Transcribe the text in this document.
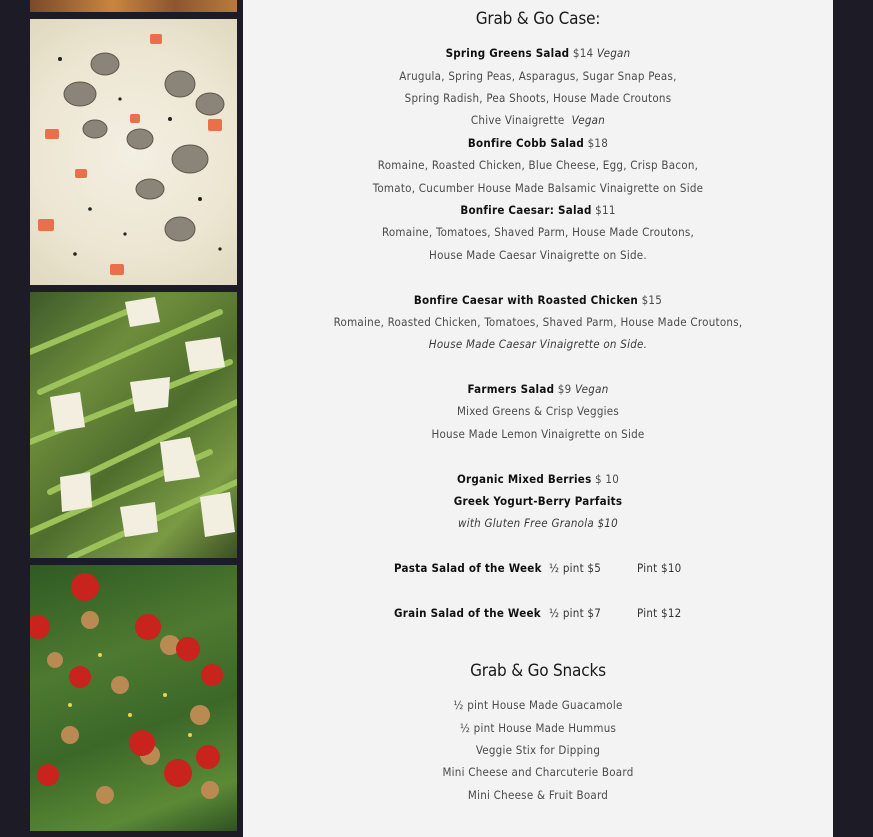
Grab & Go Case:
Spring Greens Salad $14 Vegan
Arugula, Spring Peas, Asparagus, Sugar Snap Peas,
Spring Radish, Pea Shoots, House Made Croutons
Chive Vinaigrette Vegan
Bonfire Cobb Salad $18
Romaine, Roasted Chicken, Blue Cheese, Egg, Crisp Bacon,
Tomato, Cucumber House Made Balsamic Vinaigrette on Side
Bonfire Caesar: Salad $11
Romaine, Tomatoes, Shaved Parm, House Made Croutons,
House Made Caesar Vinaigrette on Side.
Bonfire Caesar with Roasted Chicken $15
Romaine, Roasted Chicken, Tomatoes, Shaved Parm, House Made Croutons,
House Made Caesar Vinaigrette on Side.
Farmers Salad $9 Vegan
Mixed Greens & Crisp Veggies
House Made Lemon Vinaigrette on Side
Organic Mixed Berries $ 10
Greek Yogurt-Berry Parfaits
with Gluten Free Granola $10
Pasta Salad of the Week ½ pint $5	Pint $10
Grain Salad of the Week ½ pint $7	Pint $12
Grab & Go Snacks
½ pint House Made Guacamole
½ pint House Made Hummus
Veggie Stix for Dipping
Mini Cheese and Charcuterie Board
Mini Cheese & Fruit Board
